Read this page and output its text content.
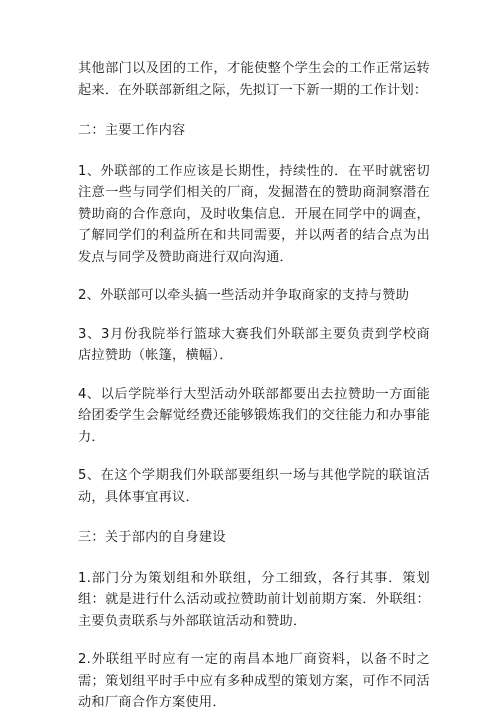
其他部门以及团的工作，才能使整个学生会的工作正常运转起来．在外联部新组之际，先拟订一下新一期的工作计划：

二：主要工作内容

1、外联部的工作应该是长期性，持续性的．在平时就密切注意一些与同学们相关的厂商，发掘潜在的赞助商洞察潜在赞助商的合作意向，及时收集信息．开展在同学中的调查，了解同学们的利益所在和共同需要，并以两者的结合点为出发点与同学及赞助商进行双向沟通．

2、外联部可以牵头搞一些活动并争取商家的支持与赞助

3、3月份我院举行篮球大赛我们外联部主要负责到学校商店拉赞助（帐篷，横幅）．

4、以后学院举行大型活动外联部都要出去拉赞助一方面能给团委学生会解觉经费还能够锻炼我们的交往能力和办事能力．

5、在这个学期我们外联部要组织一场与其他学院的联谊活动，具体事宜再议．

三：关于部内的自身建设

1.部门分为策划组和外联组，分工细致，各行其事．策划组：就是进行什么活动或拉赞助前计划前期方案．外联组：主要负责联系与外部联谊活动和赞助．

2.外联组平时应有一定的南昌本地厂商资料，以备不时之需；策划组平时手中应有多种成型的策划方案，可作不同活动和厂商合作方案使用．
